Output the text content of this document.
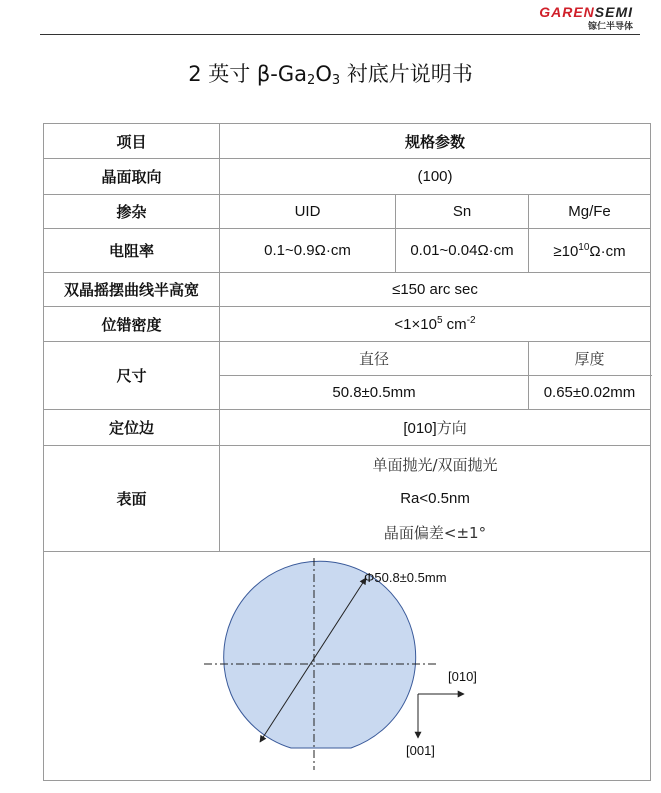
GARENSEMI
镓仁半导体
2 英寸 $\beta-Ga_2O_3$ 衬底片说明书
项目	规格参数		
晶面取向	(100)		
掺杂	UID	Sn	Mg/Fe
电阻率	0.1~0.9Ω·cm	0.01~0.04Ω·cm	$\ge 10^{10}\Omega\cdot cm$
双晶摇摆曲线半高宽	≤150 arc sec		
位错密度	$<1\times 10^5$ $cm^{-2}$
尺寸	直径		厚度
	50.8±0.5mm		0.65±0.02mm
定位边	[010]方向		
表面	单面抛光/双面抛光
Ra<0.5nm
晶面偏差<±1°		

Φ50.8±0.5mm
[010]
[001]			
